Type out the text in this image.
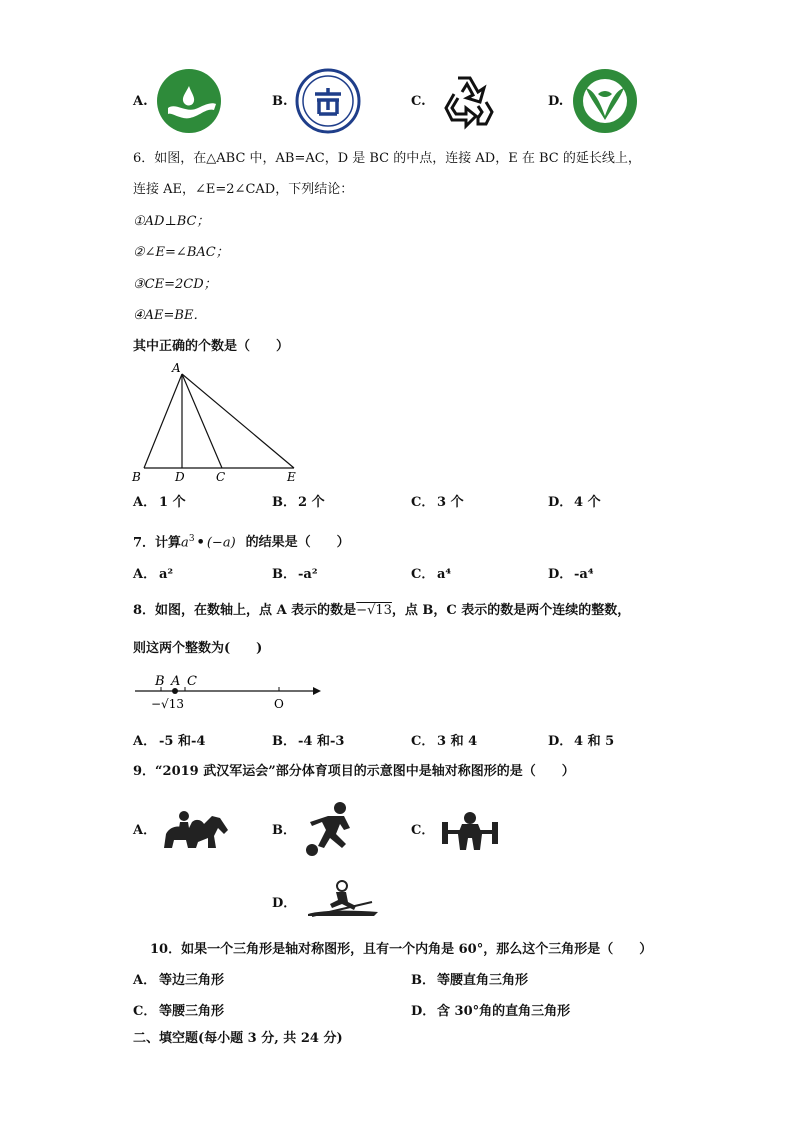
A.	B.	C.	D.
6．如图，在△ABC 中，AB=AC，D 是 BC 的中点，连接 AD，E 在 BC 的延长线上，
连接 AE，∠E=2∠CAD，下列结论：
①AD⊥BC；
②∠E=∠BAC；
③CE=2CD；
④AE=BE．
其中正确的个数是（　　）
A
B	D	C	E
A． 1 个	B． 2 个	C． 3 个	D． 4 个
7．计算$a^3$ • (−a) 的结果是（　　）
A． a²	B． -a²	C． a⁴	D． -a⁴
8．如图，在数轴上，点 A 表示的数是−√13，点 B，C 表示的数是两个连续的整数，
则这两个整数为(　　)
B A C
−√13	O
A． -5 和-4	B． -4 和-3	C． 3 和 4	D． 4 和 5
9．“2019 武汉军运会”部分体育项目的示意图中是轴对称图形的是（　　）
A．	B．	C．
D．
10．如果一个三角形是轴对称图形，且有一个内角是 60°，那么这个三角形是（　　）
A． 等边三角形	B． 等腰直角三角形
C． 等腰三角形	D． 含 30°角的直角三角形
二、填空题(每小题 3 分, 共 24 分)
